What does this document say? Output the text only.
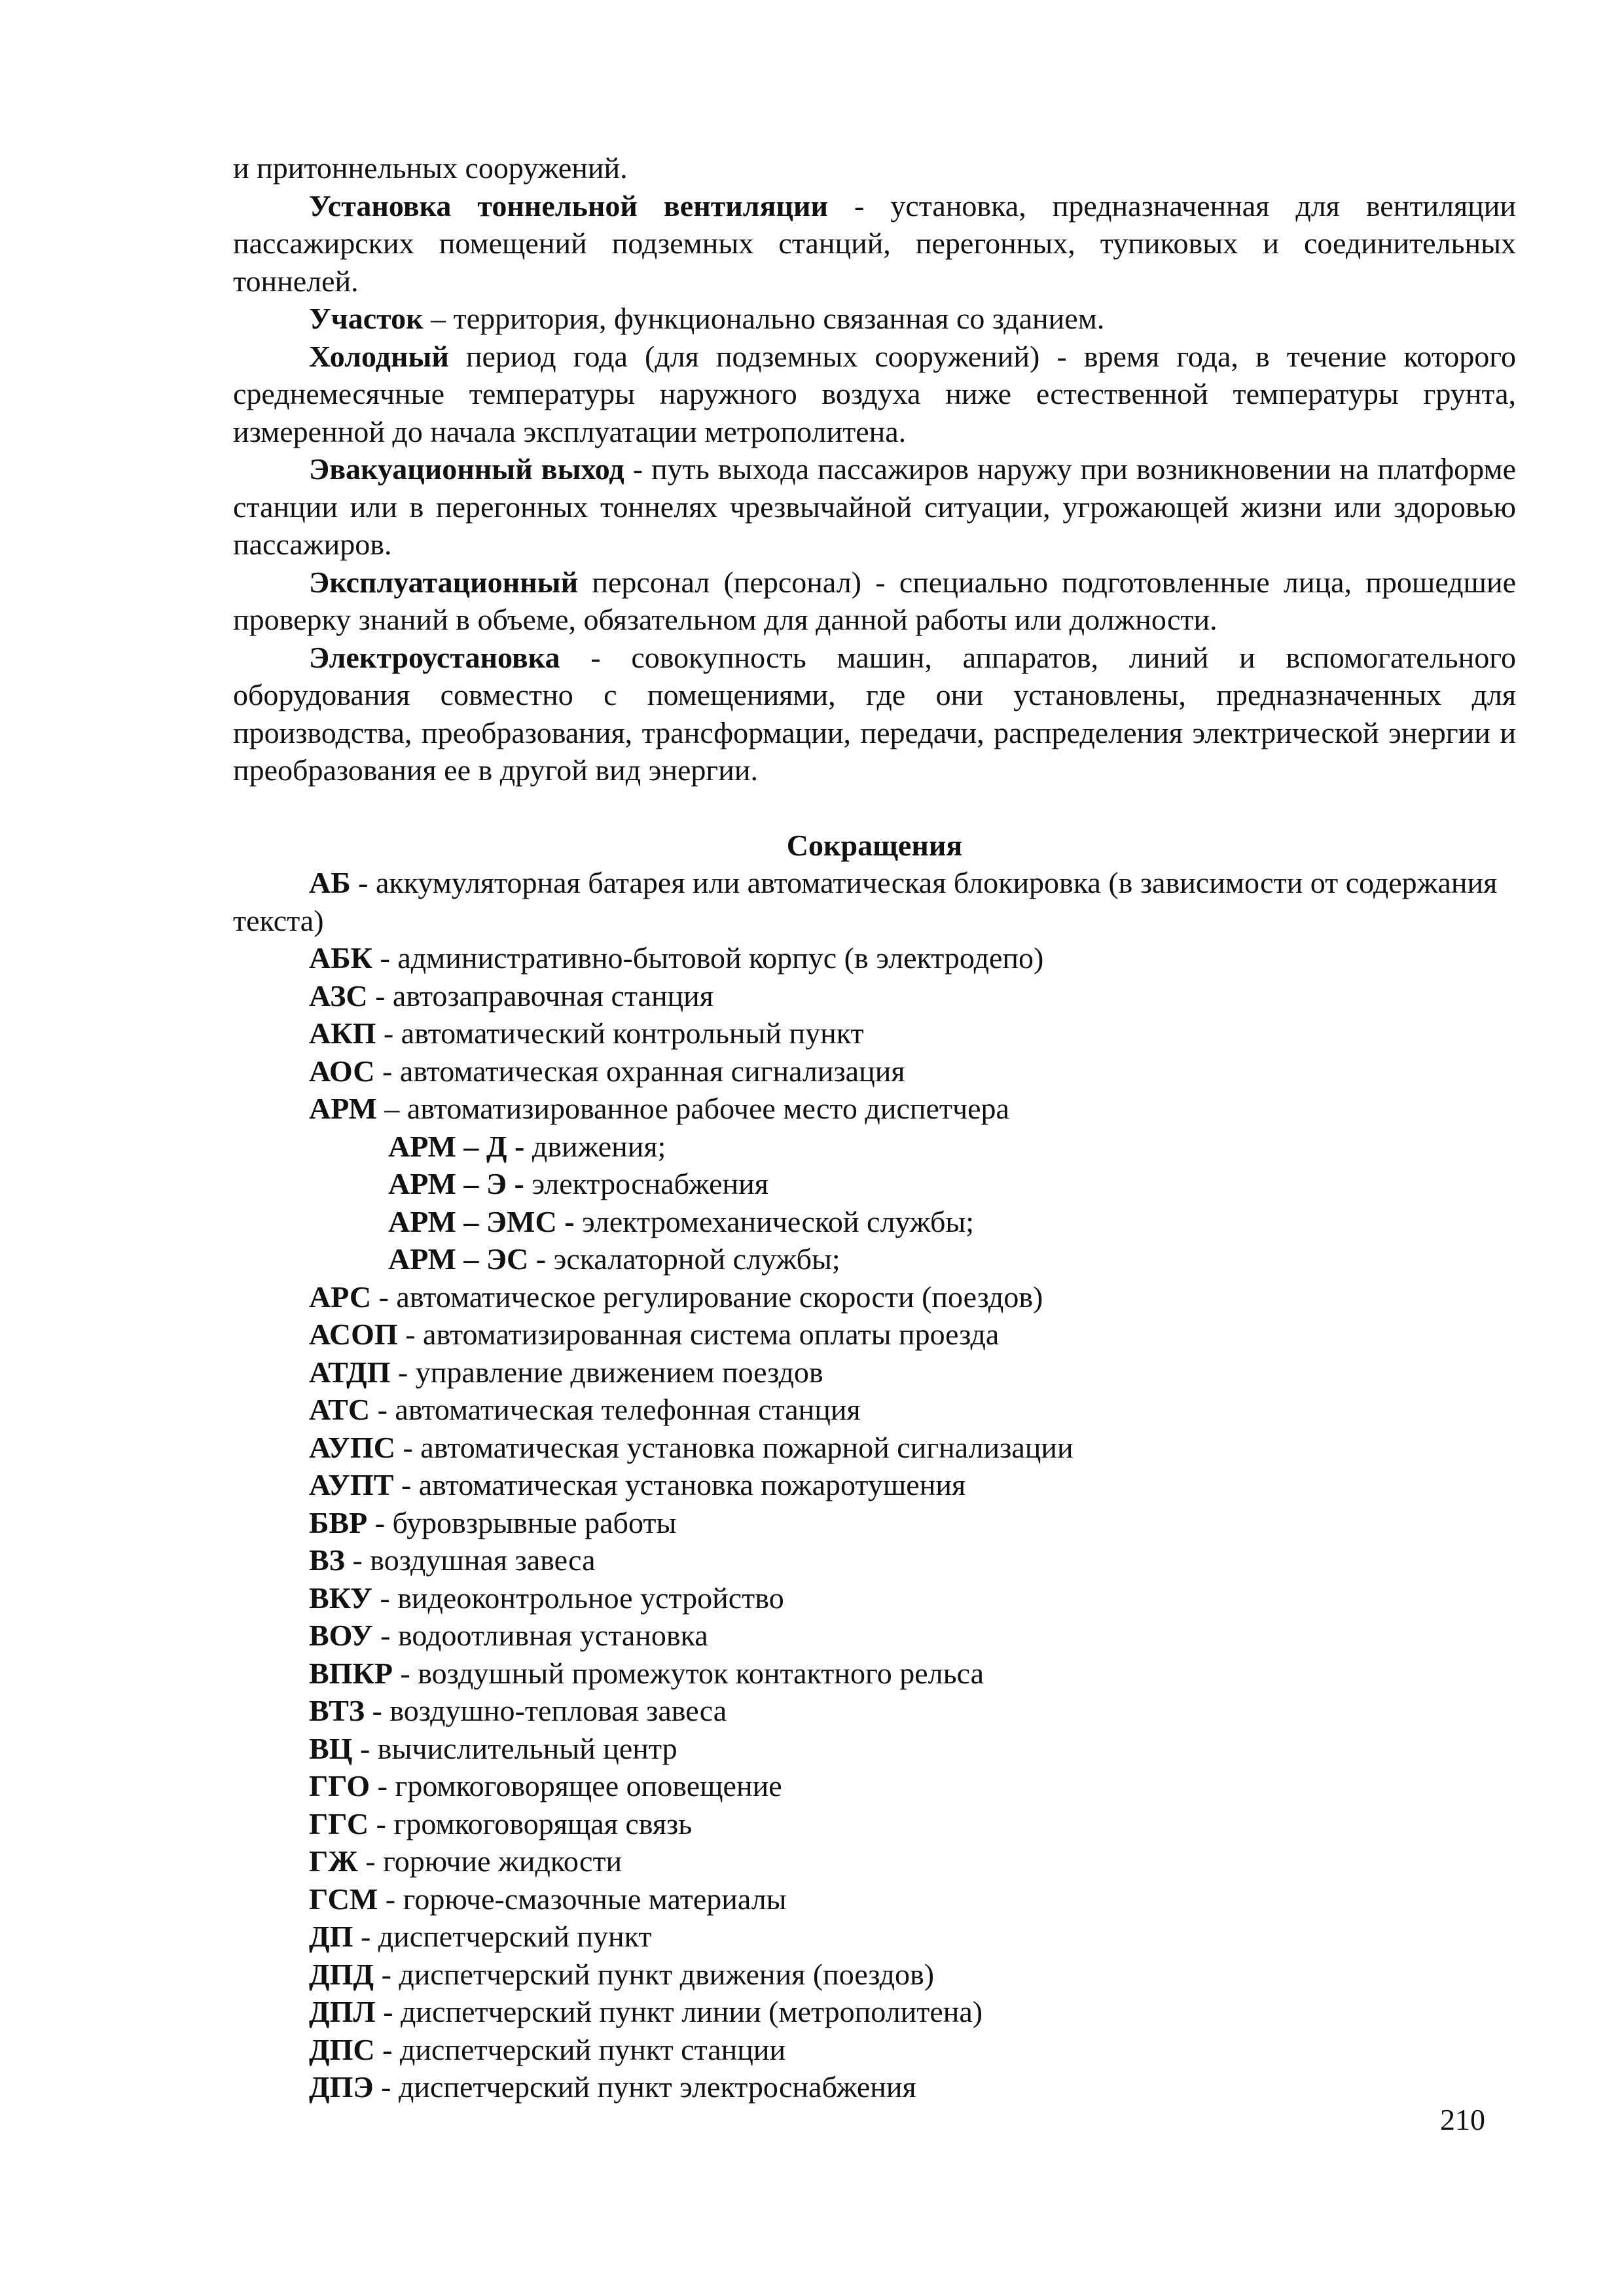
и притоннельных сооружений.

Установка тоннельной вентиляции - установка, предназначенная для вентиляции пассажирских помещений подземных станций, перегонных, тупиковых и соединительных тоннелей.

Участок – территория, функционально связанная со зданием.

Холодный период года (для подземных сооружений) - время года, в течение которого среднемесячные температуры наружного воздуха ниже естественной температуры грунта, измеренной до начала эксплуатации метрополитена.

Эвакуационный выход - путь выхода пассажиров наружу при возникновении на платформе станции или в перегонных тоннелях чрезвычайной ситуации, угрожающей жизни или здоровью пассажиров.

Эксплуатационный персонал (персонал) - специально подготовленные лица, прошедшие проверку знаний в объеме, обязательном для данной работы или должности.

Электроустановка - совокупность машин, аппаратов, линий и вспомогательного оборудования совместно с помещениями, где они установлены, предназначенных для производства, преобразования, трансформации, передачи, распределения электрической энергии и преобразования ее в другой вид энергии.

Сокращения

АБ - аккумуляторная батарея или автоматическая блокировка (в зависимости от содержания текста)

АБК - административно-бытовой корпус (в электродепо)

АЗС - автозаправочная станция

АКП - автоматический контрольный пункт

АОС - автоматическая охранная сигнализация

АРМ – автоматизированное рабочее место диспетчера

АРМ – Д - движения;

АРМ – Э - электроснабжения

АРМ – ЭМС - электромеханической службы;

АРМ – ЭС - эскалаторной службы;

АРС - автоматическое регулирование скорости (поездов)

АСОП - автоматизированная система оплаты проезда

АТДП - управление движением поездов

АТС - автоматическая телефонная станция

АУПС - автоматическая установка пожарной сигнализации

АУПТ - автоматическая установка пожаротушения

БВР - буровзрывные работы

ВЗ - воздушная завеса

ВКУ - видеоконтрольное устройство

ВОУ - водоотливная установка

ВПКР - воздушный промежуток контактного рельса

ВТЗ - воздушно-тепловая завеса

ВЦ - вычислительный центр

ГГО - громкоговорящее оповещение

ГГС - громкоговорящая связь

ГЖ - горючие жидкости

ГСМ - горюче-смазочные материалы

ДП - диспетчерский пункт

ДПД - диспетчерский пункт движения (поездов)

ДПЛ - диспетчерский пункт линии (метрополитена)

ДПС - диспетчерский пункт станции

ДПЭ - диспетчерский пункт электроснабжения

210
